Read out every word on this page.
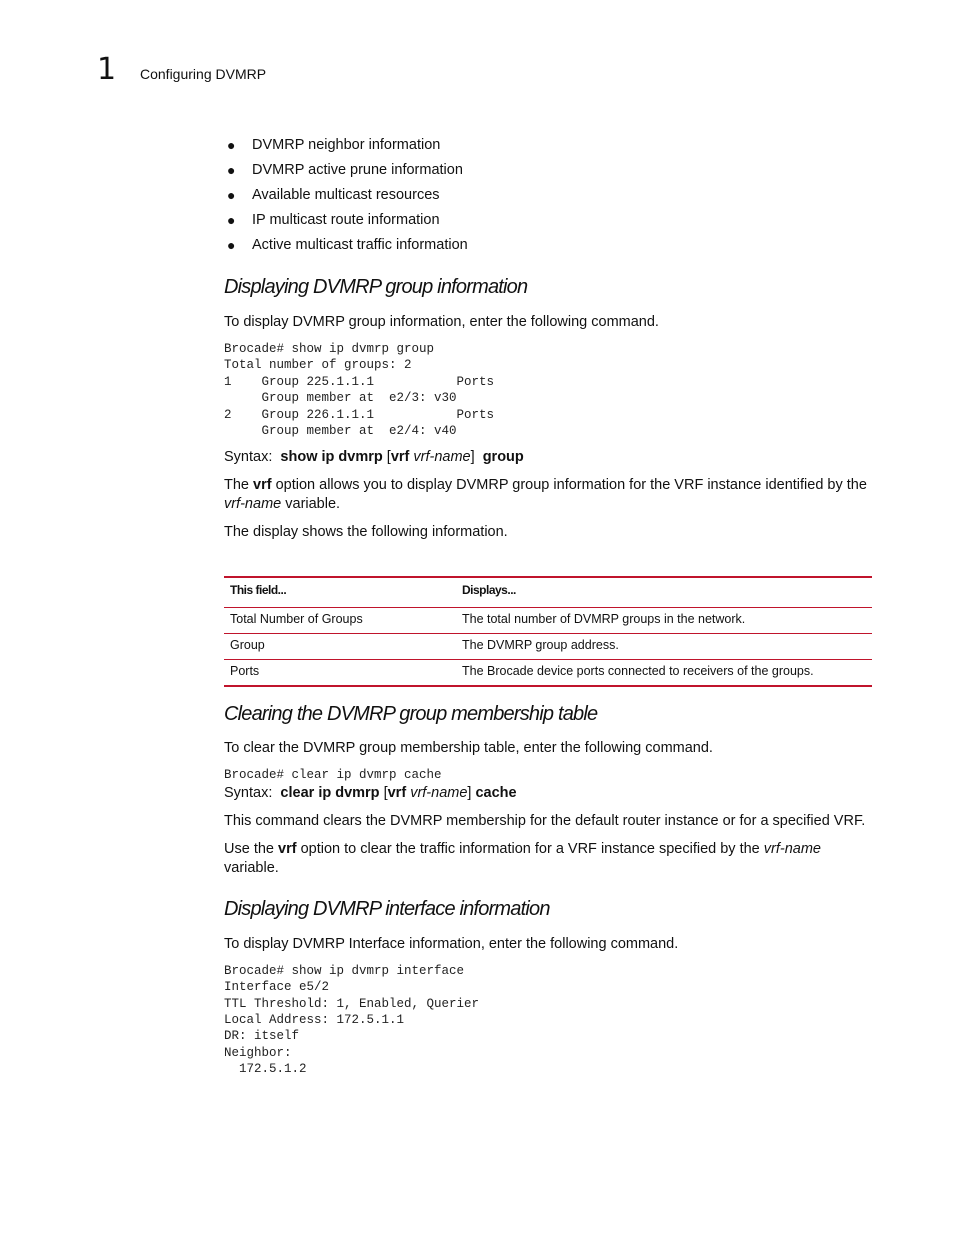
1 Configuring DVMRP
● DVMRP neighbor information
● DVMRP active prune information
● Available multicast resources
● IP multicast route information
● Active multicast traffic information
Displaying DVMRP group information

To display DVMRP group information, enter the following command.

Brocade# show ip dvmrp group
Total number of groups: 2
1    Group 225.1.1.1           Ports
Group member at  e2/3: v30
2    Group 226.1.1.1           Ports
Group member at  e2/4: v40
Syntax: show ip dvmrp [vrf vrf-name] group

The vrf option allows you to display DVMRP group information for the VRF instance identified by the vrf-name variable.

The display shows the following information.

This field...	Displays...
Total Number of Groups	The total number of DVMRP groups in the network.
Group	The DVMRP group address.
Ports	The Brocade device ports connected to receivers of the groups.
Clearing the DVMRP group membership table

To clear the DVMRP group membership table, enter the following command.

Brocade# clear ip dvmrp cache
Syntax: clear ip dvmrp [vrf vrf-name] cache

This command clears the DVMRP membership for the default router instance or for a specified VRF.

Use the vrf option to clear the traffic information for a VRF instance specified by the vrf-name variable.

Displaying DVMRP interface information

To display DVMRP Interface information, enter the following command.

Brocade# show ip dvmrp interface
Interface e5/2
TTL Threshold: 1, Enabled, Querier
Local Address: 172.5.1.1
DR: itself
Neighbor:
172.5.1.2
